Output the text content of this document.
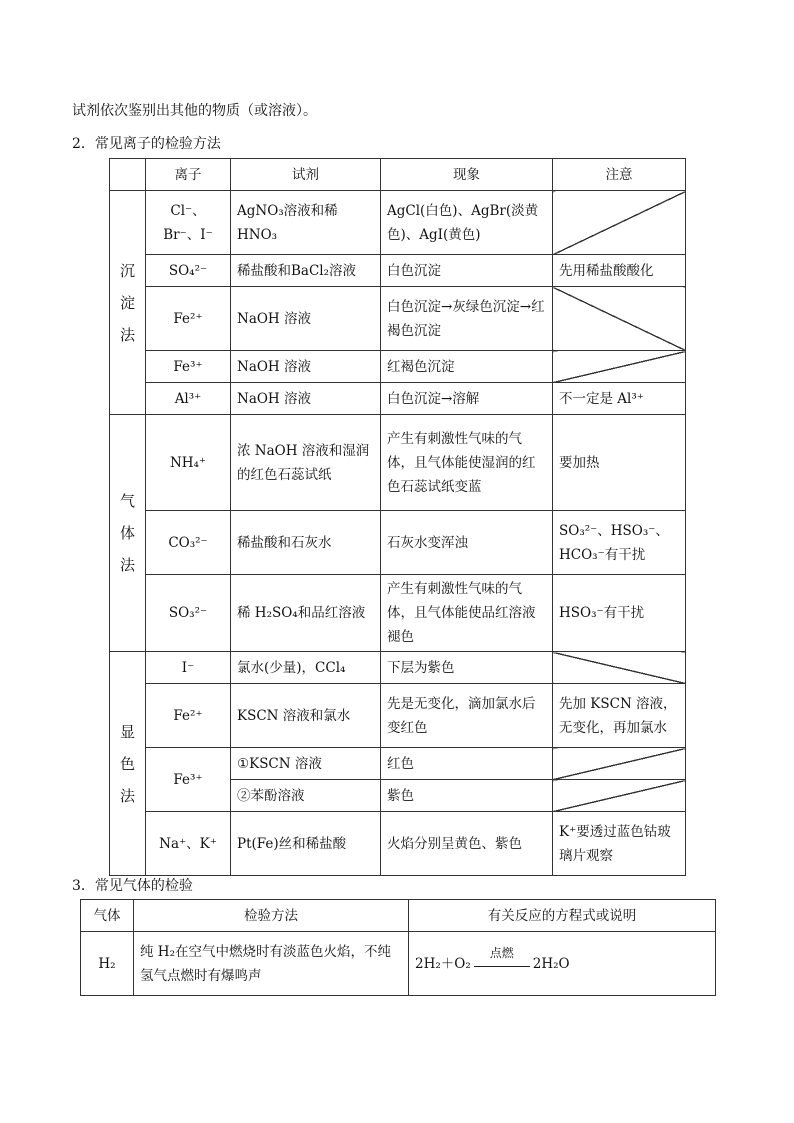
试剂依次鉴别出其他的物质（或溶液）。
2．常见离子的检验方法
	离子	试剂	现象	注意

沉
淀
法	Cl⁻、Br⁻、I⁻	AgNO₃溶液和稀HNO₃	AgCl(白色)、AgBr(淡黄色)、AgI(黄色)	
	SO₄²⁻	稀盐酸和BaCl₂溶液	白色沉淀	先用稀盐酸酸化
	Fe²⁺	NaOH 溶液	白色沉淀→灰绿色沉淀→红褐色沉淀	
	Fe³⁺	NaOH 溶液	红褐色沉淀	
	Al³⁺	NaOH 溶液	白色沉淀→溶解	不一定是 Al³⁺

气
体
法	NH₄⁺	浓 NaOH 溶液和湿润的红色石蕊试纸	产生有刺激性气味的气体，且气体能使湿润的红色石蕊试纸变蓝	要加热
	CO₃²⁻	稀盐酸和石灰水	石灰水变浑浊	SO₃²⁻、HSO₃⁻、HCO₃⁻有干扰
	SO₃²⁻	稀 H₂SO₄和品红溶液	产生有刺激性气味的气体，且气体能使品红溶液褪色	HSO₃⁻有干扰

显
色
法	I⁻	氯水(少量)，CCl₄	下层为紫色	
	Fe²⁺	KSCN 溶液和氯水	先是无变化，滴加氯水后变红色	先加 KSCN 溶液，无变化，再加氯水
	Fe³⁺	①KSCN 溶液	红色	
		②苯酚溶液	紫色	
	Na⁺、K⁺	Pt(Fe)丝和稀盐酸	火焰分别呈黄色、紫色	K⁺要透过蓝色钴玻璃片观察
3．常见气体的检验
气体	检验方法	有关反应的方程式或说明
H₂	纯 H₂在空气中燃烧时有淡蓝色火焰，不纯氢气点燃时有爆鸣声	2H₂＋O₂
点燃
2H₂O
